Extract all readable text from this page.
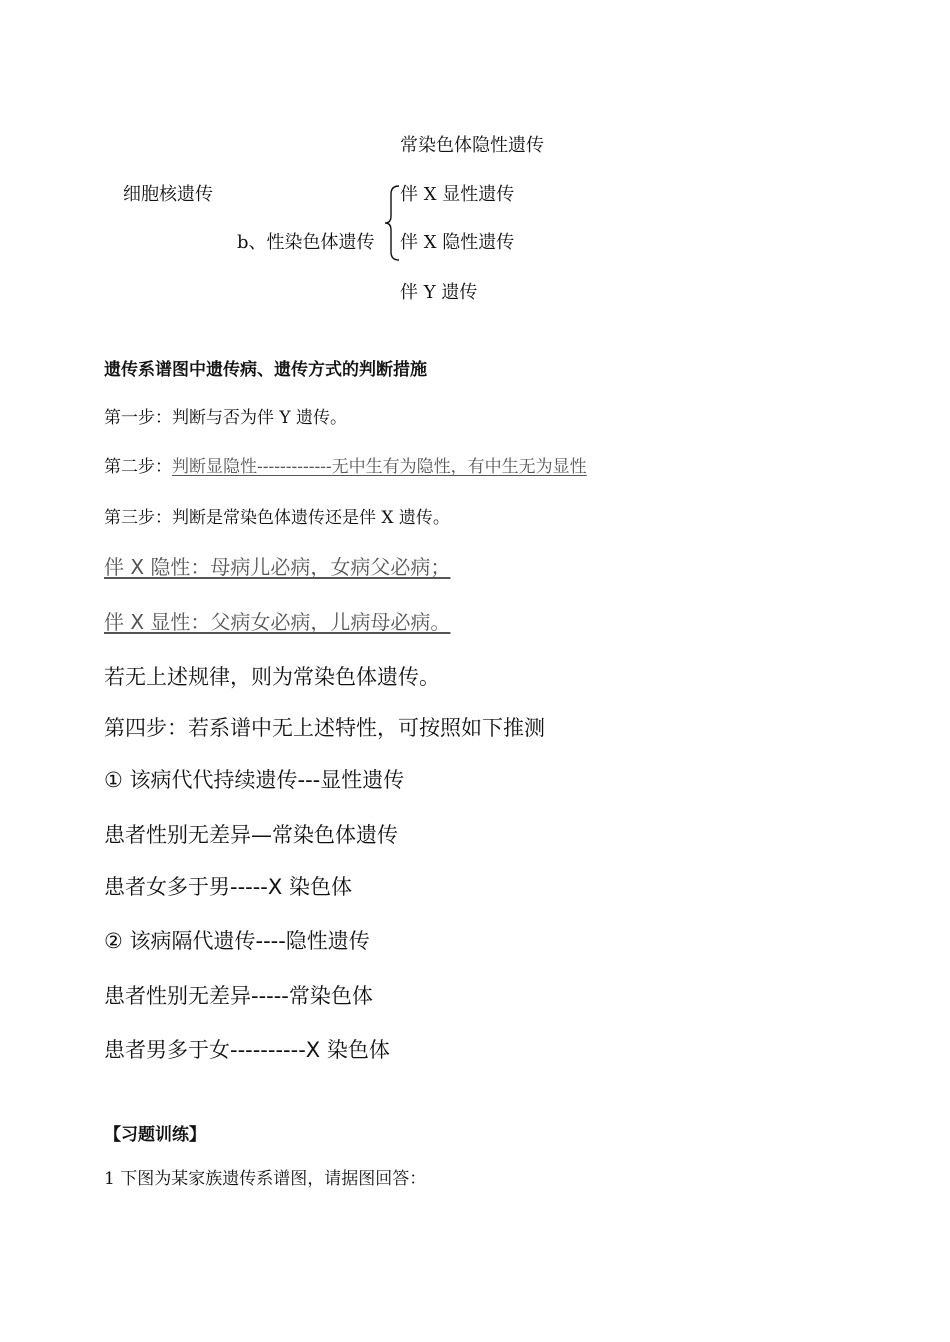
常染色体隐性遗传
细胞核遗传	伴 X 显性遗传
b、性染色体遗传 伴 X 隐性遗传
伴 Y 遗传
遗传系谱图中遗传病、遗传方式的判断措施
第一步：判断与否为伴 Y 遗传。
第二步：判断显隐性-------------无中生有为隐性，有中生无为显性
第三步：判断是常染色体遗传还是伴 X 遗传。
伴 X 隐性：母病儿必病，女病父必病；
伴 X 显性：父病女必病，儿病母必病。
若无上述规律，则为常染色体遗传。
第四步：若系谱中无上述特性，可按照如下推测
① 该病代代持续遗传---显性遗传
患者性别无差异—常染色体遗传
患者女多于男-----X 染色体
② 该病隔代遗传----隐性遗传
患者性别无差异-----常染色体
患者男多于女----------X 染色体
【习题训练】
1 下图为某家族遗传系谱图，请据图回答：
